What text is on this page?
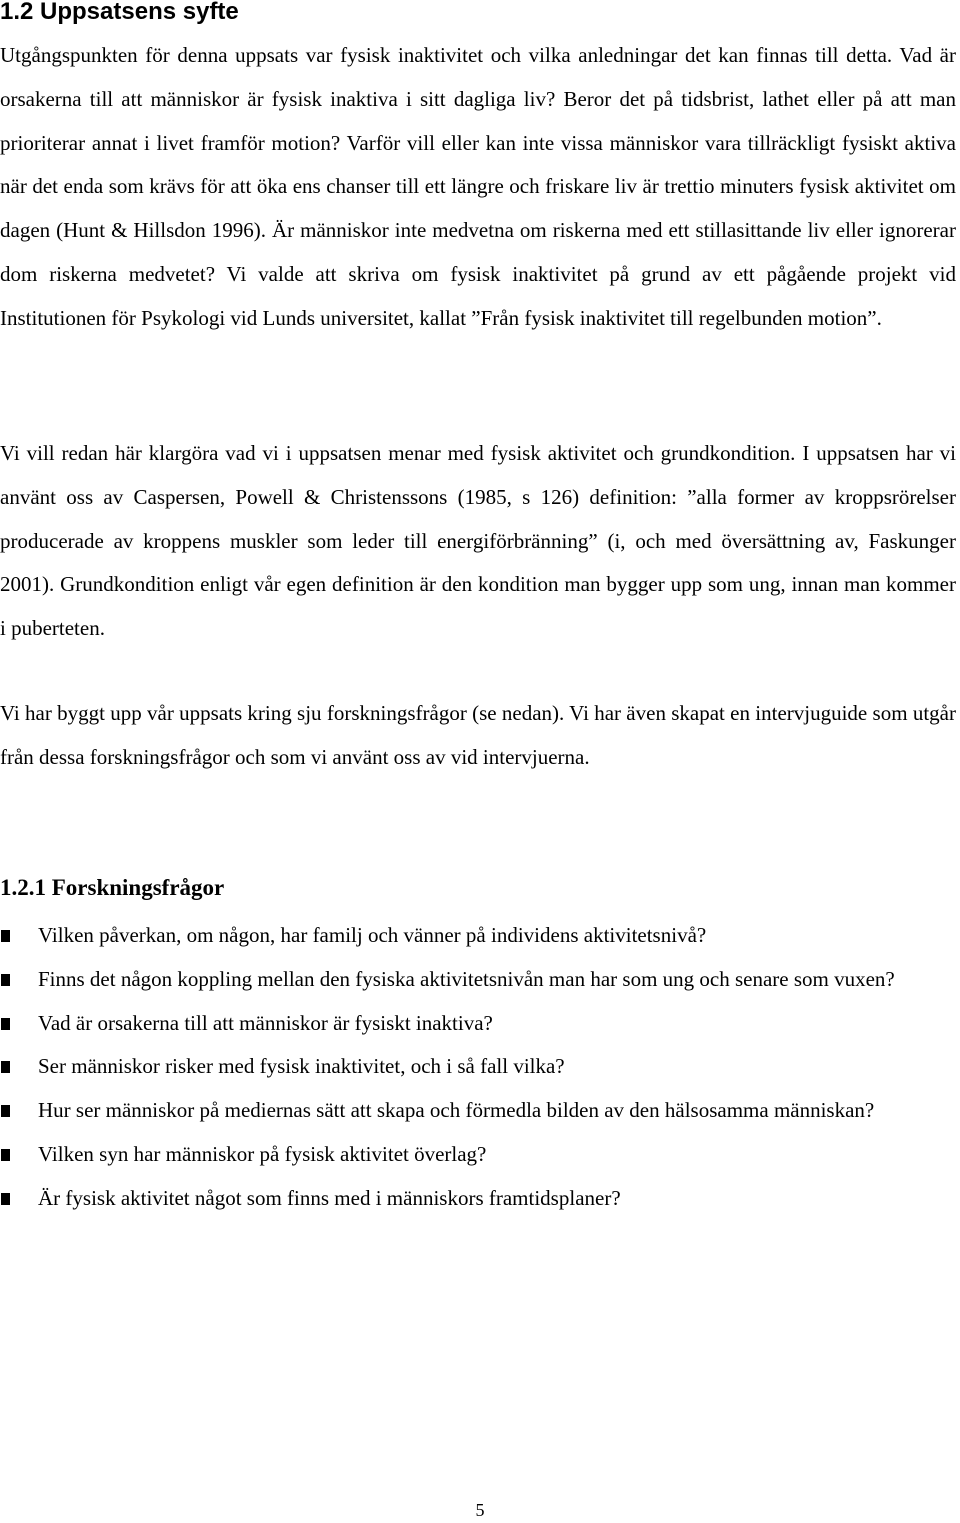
1.2 Uppsatsens syfte

Utgångspunkten för denna uppsats var fysisk inaktivitet och vilka anledningar det kan finnas till detta. Vad är orsakerna till att människor är fysisk inaktiva i sitt dagliga liv? Beror det på tidsbrist, lathet eller på att man prioriterar annat i livet framför motion? Varför vill eller kan inte vissa människor vara tillräckligt fysiskt aktiva när det enda som krävs för att öka ens chanser till ett längre och friskare liv är trettio minuters fysisk aktivitet om dagen (Hunt & Hillsdon 1996). Är människor inte medvetna om riskerna med ett stillasittande liv eller ignorerar dom riskerna medvetet? Vi valde att skriva om fysisk inaktivitet på grund av ett pågående projekt vid Institutionen för Psykologi vid Lunds universitet, kallat ”Från fysisk inaktivitet till regelbunden motion”.

Vi vill redan här klargöra vad vi i uppsatsen menar med fysisk aktivitet och grundkondition. I uppsatsen har vi använt oss av Caspersen, Powell & Christenssons (1985, s 126) definition: ”alla former av kroppsrörelser producerade av kroppens muskler som leder till energiförbränning” (i, och med översättning av, Faskunger 2001). Grundkondition enligt vår egen definition är den kondition man bygger upp som ung, innan man kommer i puberteten.

Vi har byggt upp vår uppsats kring sju forskningsfrågor (se nedan). Vi har även skapat en intervjuguide som utgår från dessa forskningsfrågor och som vi använt oss av vid intervjuerna.

1.2.1 Forskningsfrågor
Vilken påverkan, om någon, har familj och vänner på individens aktivitetsnivå?
Finns det någon koppling mellan den fysiska aktivitetsnivån man har som ung och senare som vuxen?
Vad är orsakerna till att människor är fysiskt inaktiva?
Ser människor risker med fysisk inaktivitet, och i så fall vilka?
Hur ser människor på mediernas sätt att skapa och förmedla bilden av den hälsosamma människan?
Vilken syn har människor på fysisk aktivitet överlag?
Är fysisk aktivitet något som finns med i människors framtidsplaner?
5
